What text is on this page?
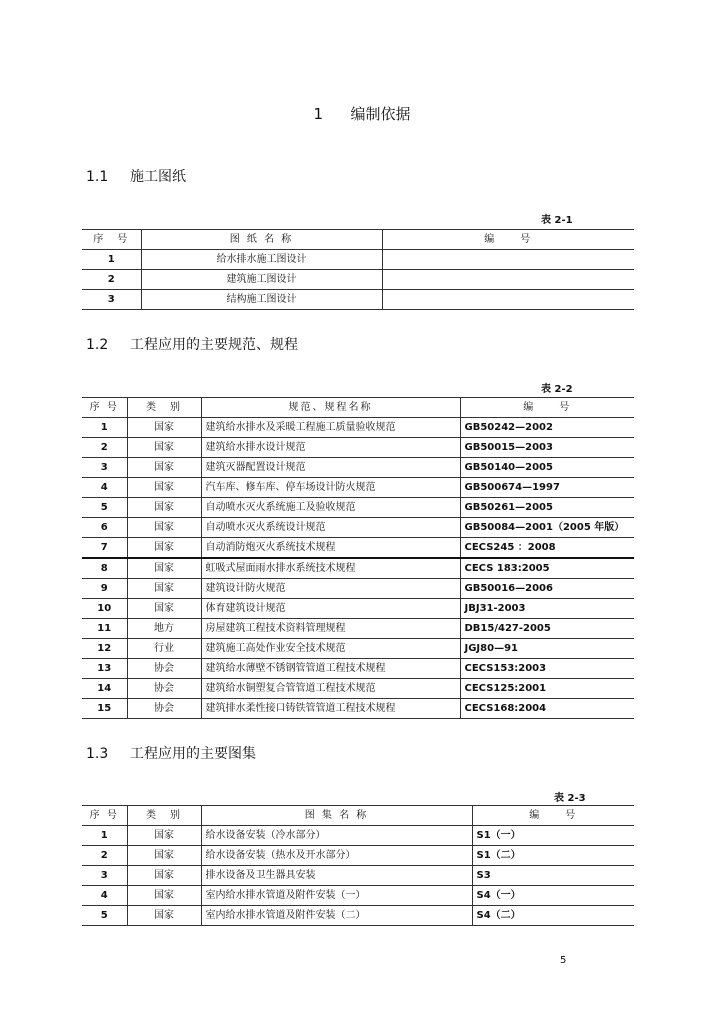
1 编制依据
1.1 施工图纸
表 2-1
序　号	图 纸 名 称	编　　号
1	给水排水施工图设计	
2	建筑施工图设计	
3	结构施工图设计	
1.2 工程应用的主要规范、规程
表 2-2
序 号	类　别	规范、规程名称	编　　号
1	国家	建筑给水排水及采暖工程施工质量验收规范	GB50242—2002
2	国家	建筑给水排水设计规范	GB50015—2003
3	国家	建筑灭器配置设计规范	GB50140—2005
4	国家	汽车库、修车库、停车场设计防火规范	GB500674—1997
5	国家	自动喷水灭火系统施工及验收规范	GB50261—2005
6	国家	自动喷水灭火系统设计规范	GB50084—2001（2005 年版）
7	国家	自动消防炮灭火系统技术规程	CECS245 ：2008
8	国家	虹吸式屋面雨水排水系统技术规程	CECS 183:2005
9	国家	建筑设计防火规范	GB50016—2006
10	国家	体育建筑设计规范	JBJ31-2003
11	地方	房屋建筑工程技术资料管理规程	DB15/427-2005
12	行业	建筑施工高处作业安全技术规范	JGJ80—91
13	协会	建筑给水薄壁不锈钢管管道工程技术规程	CECS153:2003
14	协会	建筑给水铜塑复合管管道工程技术规范	CECS125:2001
15	协会	建筑排水柔性接口铸铁管管道工程技术规程	CECS168:2004
1.3 工程应用的主要图集
表 2-3
序 号	类　别	图 集 名 称	编　　号
1	国家	给水设备安装（冷水部分）	S1（一）
2	国家	给水设备安装（热水及开水部分）	S1（二）
3	国家	排水设备及卫生器具安装	S3
4	国家	室内给水排水管道及附件安装（一）	S4（一）
5	国家	室内给水排水管道及附件安装（二）	S4（二）
5
